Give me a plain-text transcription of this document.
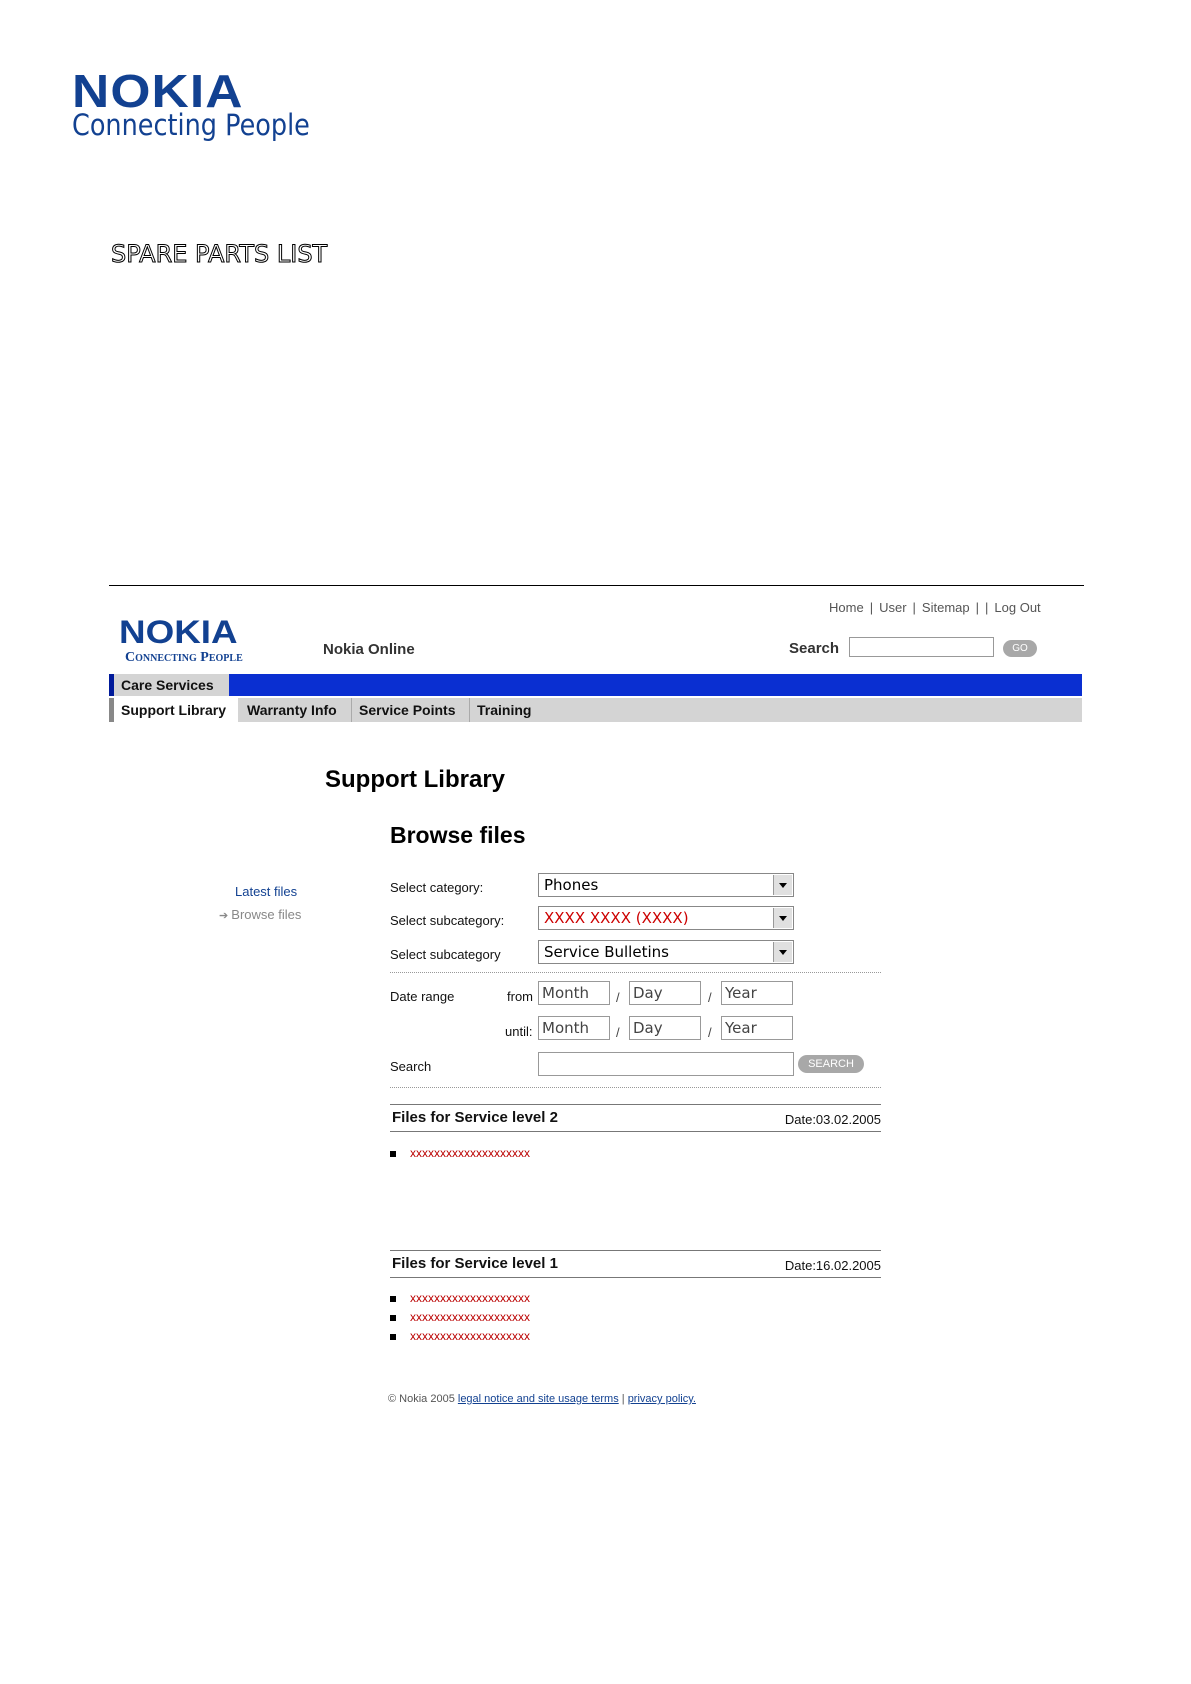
NOKIA
Connecting People
SPARE PARTS LIST
Home | User | Sitemap | | Log Out
NOKIA
Connecting People	Nokia Online	Search	GO
Care Services
Support Library	Warranty Info	Service Points	Training
Support Library
Browse files
Latest files
➔ Browse files
Select category:	Phones
Select subcategory:	XXXX XXXX (XXXX)
Select subcategory	Service Bulletins
Date range	from Month	/ Day	/ Year
until: Month	/ Day	/ Year
Search	SEARCH
Files for Service level 2	Date:03.02.2005
xxxxxxxxxxxxxxxxxxxx
Files for Service level 1	Date:16.02.2005
xxxxxxxxxxxxxxxxxxxx
xxxxxxxxxxxxxxxxxxxx
xxxxxxxxxxxxxxxxxxxx
© Nokia 2005 legal notice and site usage terms | privacy policy.
